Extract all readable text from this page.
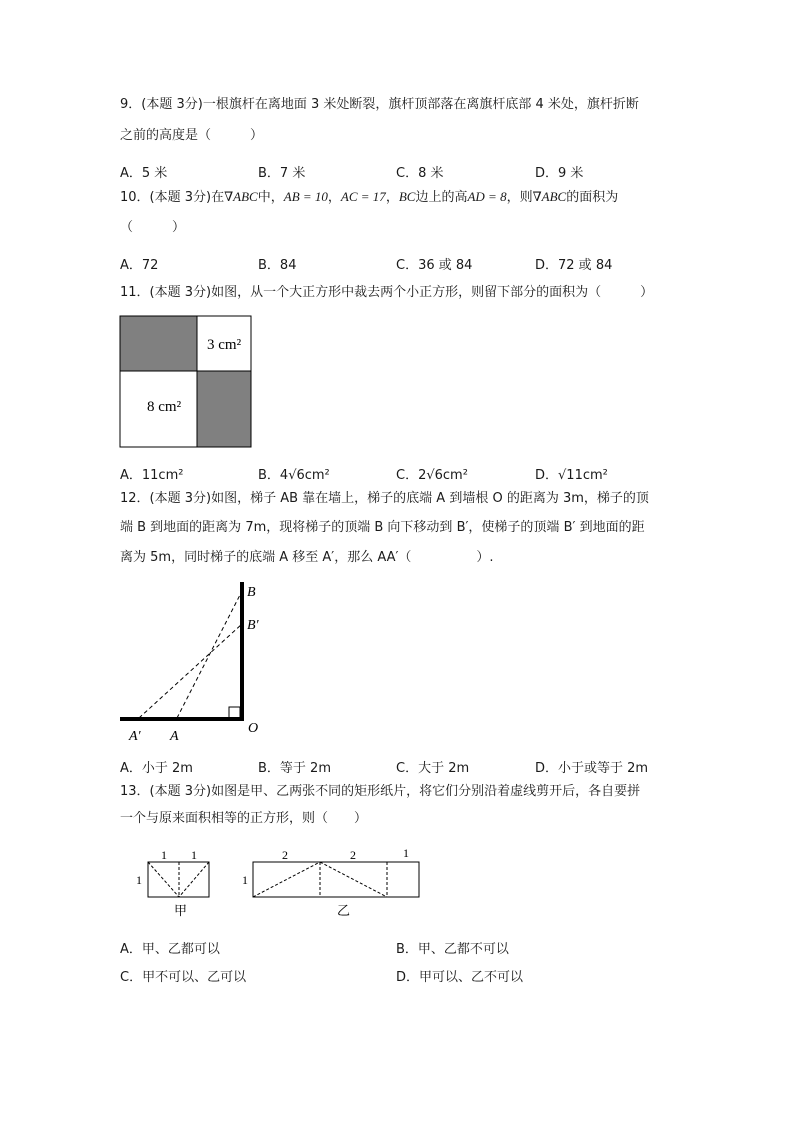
9．(本题 3分)一根旗杆在离地面 3 米处断裂，旗杆顶部落在离旗杆底部 4 米处，旗杆折断
之前的高度是（　　　）
A．5 米	B．7 米	C．8 米	D．9 米
10．(本题 3分)在∇ABC中，AB = 10，AC = 17，BC边上的高AD = 8，则∇ABC的面积为
（　　　）
A．72	B．84	C．36 或 84	D．72 或 84
11．(本题 3分)如图，从一个大正方形中裁去两个小正方形，则留下部分的面积为（　　　）
3 cm²
8 cm²
A．11cm²	B．4√6cm²	C．2√6cm²	D．√11cm²
12．(本题 3分)如图，梯子 AB 靠在墙上，梯子的底端 A 到墙根 O 的距离为 3m，梯子的顶
端 B 到地面的距离为 7m，现将梯子的顶端 B 向下移动到 B′，使梯子的顶端 B′ 到地面的距
离为 5m，同时梯子的底端 A 移至 A′，那么 AA′（　　　　　）.
B
B′
O
A′ A
A．小于 2m	B．等于 2m	C．大于 2m	D．小于或等于 2m
13．(本题 3分)如图是甲、乙两张不同的矩形纸片，将它们分别沿着虚线剪开后，各自要拼
一个与原来面积相等的正方形，则（　　）
1 1
1
甲
2	2	1
1
乙
A．甲、乙都可以	B．甲、乙都不可以
C．甲不可以、乙可以	D．甲可以、乙不可以
